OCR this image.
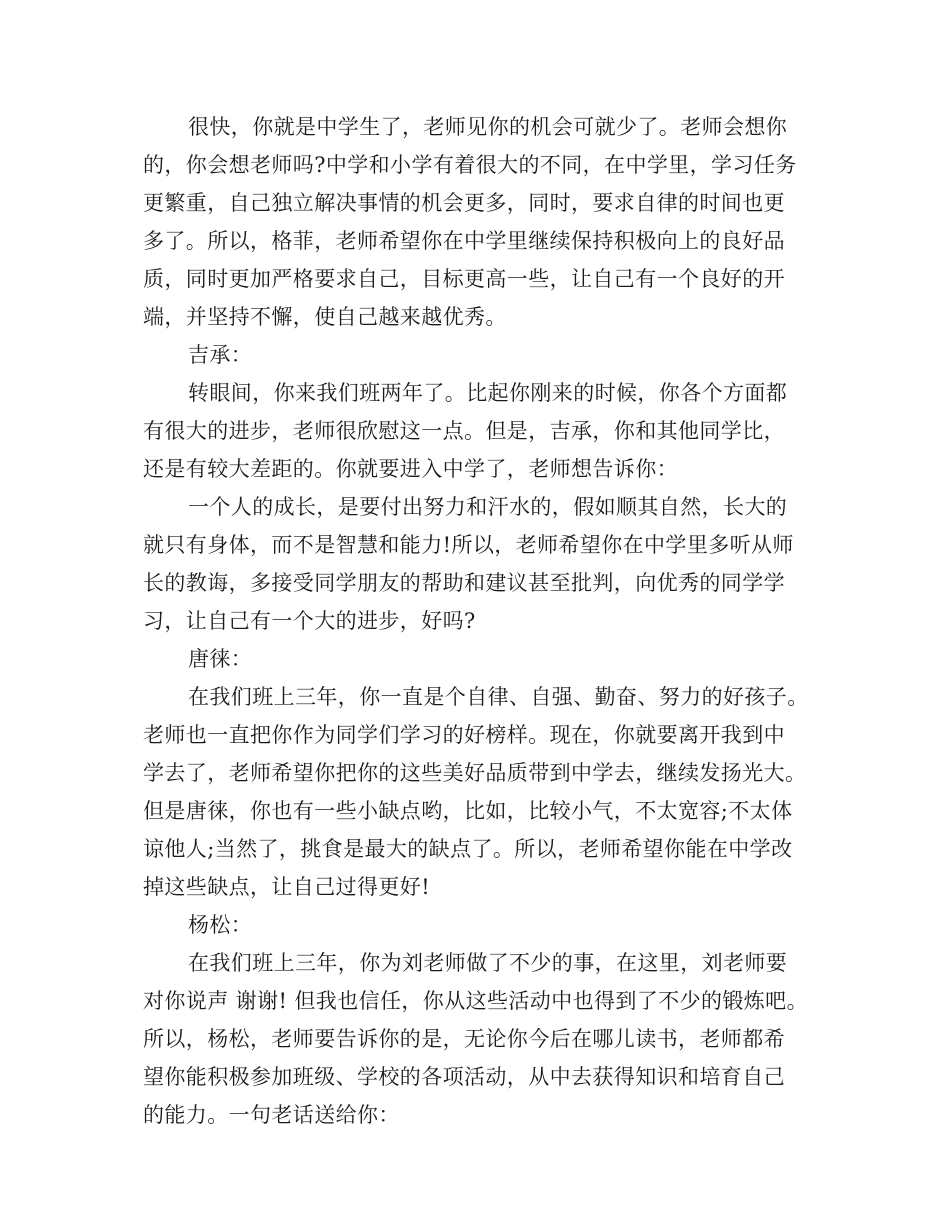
很快，你就是中学生了，老师见你的机会可就少了。老师会想你
的，你会想老师吗?中学和小学有着很大的不同，在中学里，学习任务
更繁重，自己独立解决事情的机会更多，同时，要求自律的时间也更
多了。所以，格菲，老师希望你在中学里继续保持积极向上的良好品
质，同时更加严格要求自己，目标更高一些，让自己有一个良好的开
端，并坚持不懈，使自己越来越优秀。
吉承：
转眼间，你来我们班两年了。比起你刚来的时候，你各个方面都
有很大的进步，老师很欣慰这一点。但是，吉承，你和其他同学比，
还是有较大差距的。你就要进入中学了，老师想告诉你：
一个人的成长，是要付出努力和汗水的，假如顺其自然，长大的
就只有身体，而不是智慧和能力!所以，老师希望你在中学里多听从师
长的教诲，多接受同学朋友的帮助和建议甚至批判，向优秀的同学学
习，让自己有一个大的进步，好吗?
唐徕：
在我们班上三年，你一直是个自律、自强、勤奋、努力的好孩子。
老师也一直把你作为同学们学习的好榜样。现在，你就要离开我到中
学去了，老师希望你把你的这些美好品质带到中学去，继续发扬光大。
但是唐徕，你也有一些小缺点哟，比如，比较小气，不太宽容;不太体
谅他人;当然了，挑食是最大的缺点了。所以，老师希望你能在中学改
掉这些缺点，让自己过得更好!
杨松：
在我们班上三年，你为刘老师做了不少的事，在这里，刘老师要
对你说声 谢谢! 但我也信任，你从这些活动中也得到了不少的锻炼吧。
所以，杨松，老师要告诉你的是，无论你今后在哪儿读书，老师都希
望你能积极参加班级、学校的各项活动，从中去获得知识和培育自己
的能力。一句老话送给你：
